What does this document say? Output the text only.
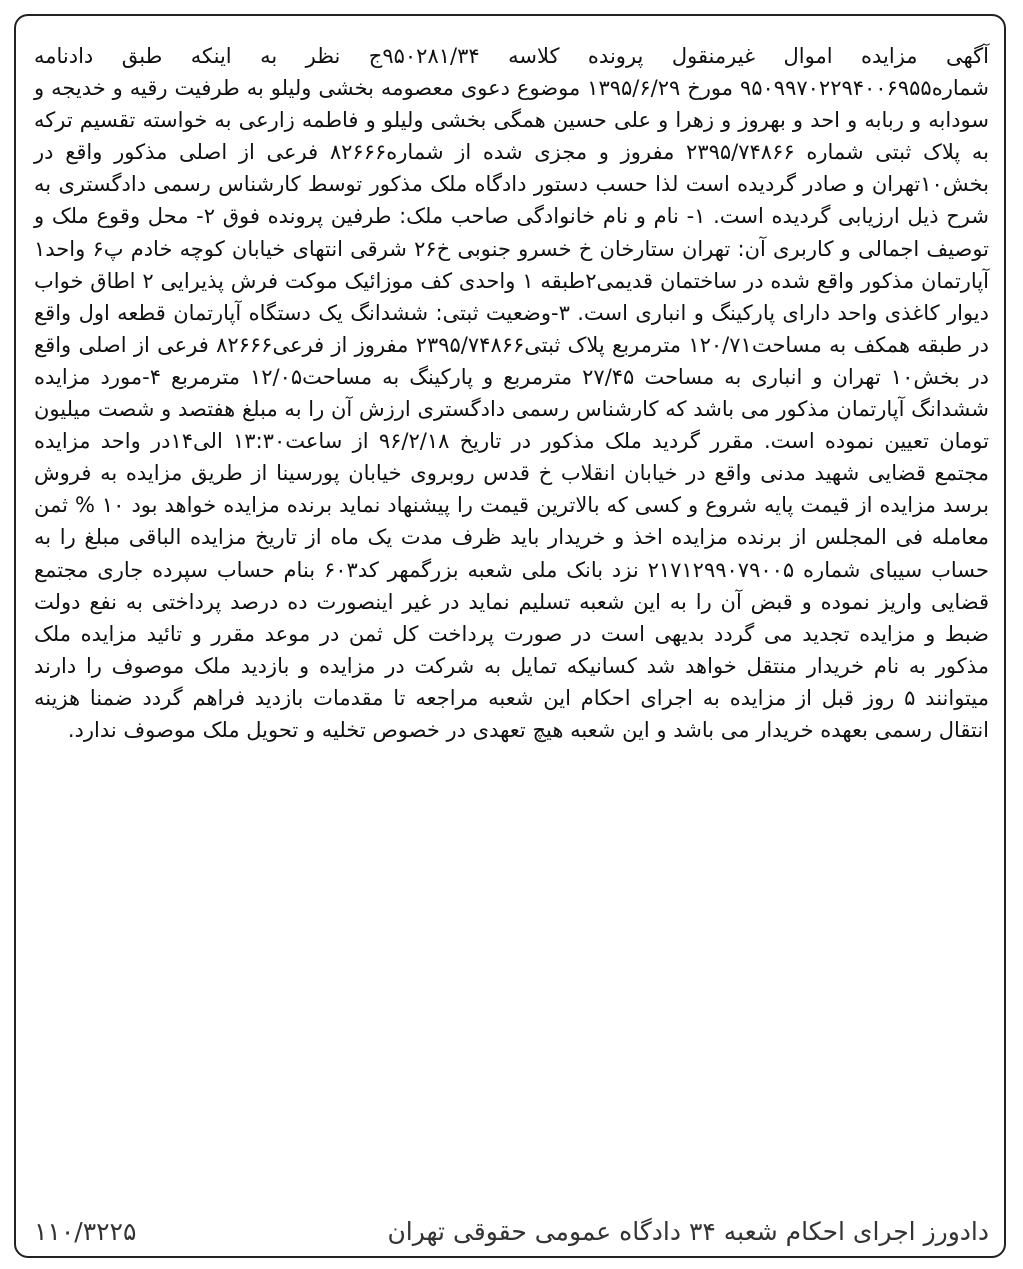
آگهی مزایده اموال غیرمنقول پرونده کلاسه ۹۵۰۲۸۱/۳۴ج نظر به اینکه طبق دادنامه شماره۹۵۰۹۹۷۰۲۲۹۴۰۰۶۹۵۵ مورخ ۱۳۹۵/۶/۲۹ موضوع دعوی معصومه بخشی ولیلو به طرفیت رقیه و خدیجه و سودابه و ربابه و احد و بهروز و زهرا و علی حسین همگی بخشی ولیلو و فاطمه زارعی به خواسته تقسیم ترکه به پلاک ثبتی شماره ۲۳۹۵/۷۴۸۶۶ مفروز و مجزی شده از شماره۸۲۶۶۶ فرعی از اصلی مذکور واقع در بخش۱۰تهران و صادر گردیده است لذا حسب دستور دادگاه ملک مذکور توسط کارشناس رسمی دادگستری به شرح ذیل ارزیابی گردیده است. ۱- نام و نام خانوادگی صاحب ملک: طرفین پرونده فوق ۲- محل وقوع ملک و توصیف اجمالی و کاربری آن: تهران ستارخان خ خسرو جنوبی خ۲۶ شرقی انتهای خیابان کوچه خادم پ۶ واحد۱ آپارتمان مذکور واقع شده در ساختمان قدیمی۲طبقه ۱ واحدی کف موزائیک موکت فرش پذیرایی ۲ اطاق خواب دیوار کاغذی واحد دارای پارکینگ و انباری است. ۳-وضعیت ثبتی: ششدانگ یک دستگاه آپارتمان قطعه اول واقع در طبقه همکف به مساحت۱۲۰/۷۱ مترمربع پلاک ثبتی۲۳۹۵/۷۴۸۶۶ مفروز از فرعی۸۲۶۶۶ فرعی از اصلی واقع در بخش۱۰ تهران و انباری به مساحت ۲۷/۴۵ مترمربع و پارکینگ به مساحت۱۲/۰۵ مترمربع ۴-مورد مزایده ششدانگ آپارتمان مذکور می باشد که کارشناس رسمی دادگستری ارزش آن را به مبلغ هفتصد و شصت میلیون تومان تعیین نموده است. مقرر گردید ملک مذکور در تاریخ ۹۶/۲/۱۸ از ساعت۱۳:۳۰ الی۱۴در واحد مزایده مجتمع قضایی شهید مدنی واقع در خیابان انقلاب خ قدس روبروی خیابان پورسینا از طریق مزایده به فروش برسد مزایده از قیمت پایه شروع و کسی که بالاترین قیمت را پیشنهاد نماید برنده مزایده خواهد بود ۱۰ % ثمن معامله فی المجلس از برنده مزایده اخذ و خریدار باید ظرف مدت یک ماه از تاریخ مزایده الباقی مبلغ را به حساب سیبای شماره ۲۱۷۱۲۹۹۰۷۹۰۰۵ نزد بانک ملی شعبه بزرگمهر کد۶۰۳ بنام حساب سپرده جاری مجتمع قضایی واریز نموده و قبض آن را به این شعبه تسلیم نماید در غیر اینصورت ده درصد پرداختی به نفع دولت ضبط و مزایده تجدید می گردد بدیهی است در صورت پرداخت کل ثمن در موعد مقرر و تائید مزایده ملک مذکور به نام خریدار منتقل خواهد شد کسانیکه تمایل به شرکت در مزایده و بازدید ملک موصوف را دارند میتوانند ۵ روز قبل از مزایده به اجرای احکام این شعبه مراجعه تا مقدمات بازدید فراهم گردد ضمنا هزینه انتقال رسمی بعهده خریدار می باشد و این شعبه هیچ تعهدی در خصوص تخلیه و تحویل ملک موصوف ندارد.

۱۱۰/۳۲۲۵	دادورز اجرای احکام شعبه ۳۴ دادگاه عمومی حقوقی تهران
